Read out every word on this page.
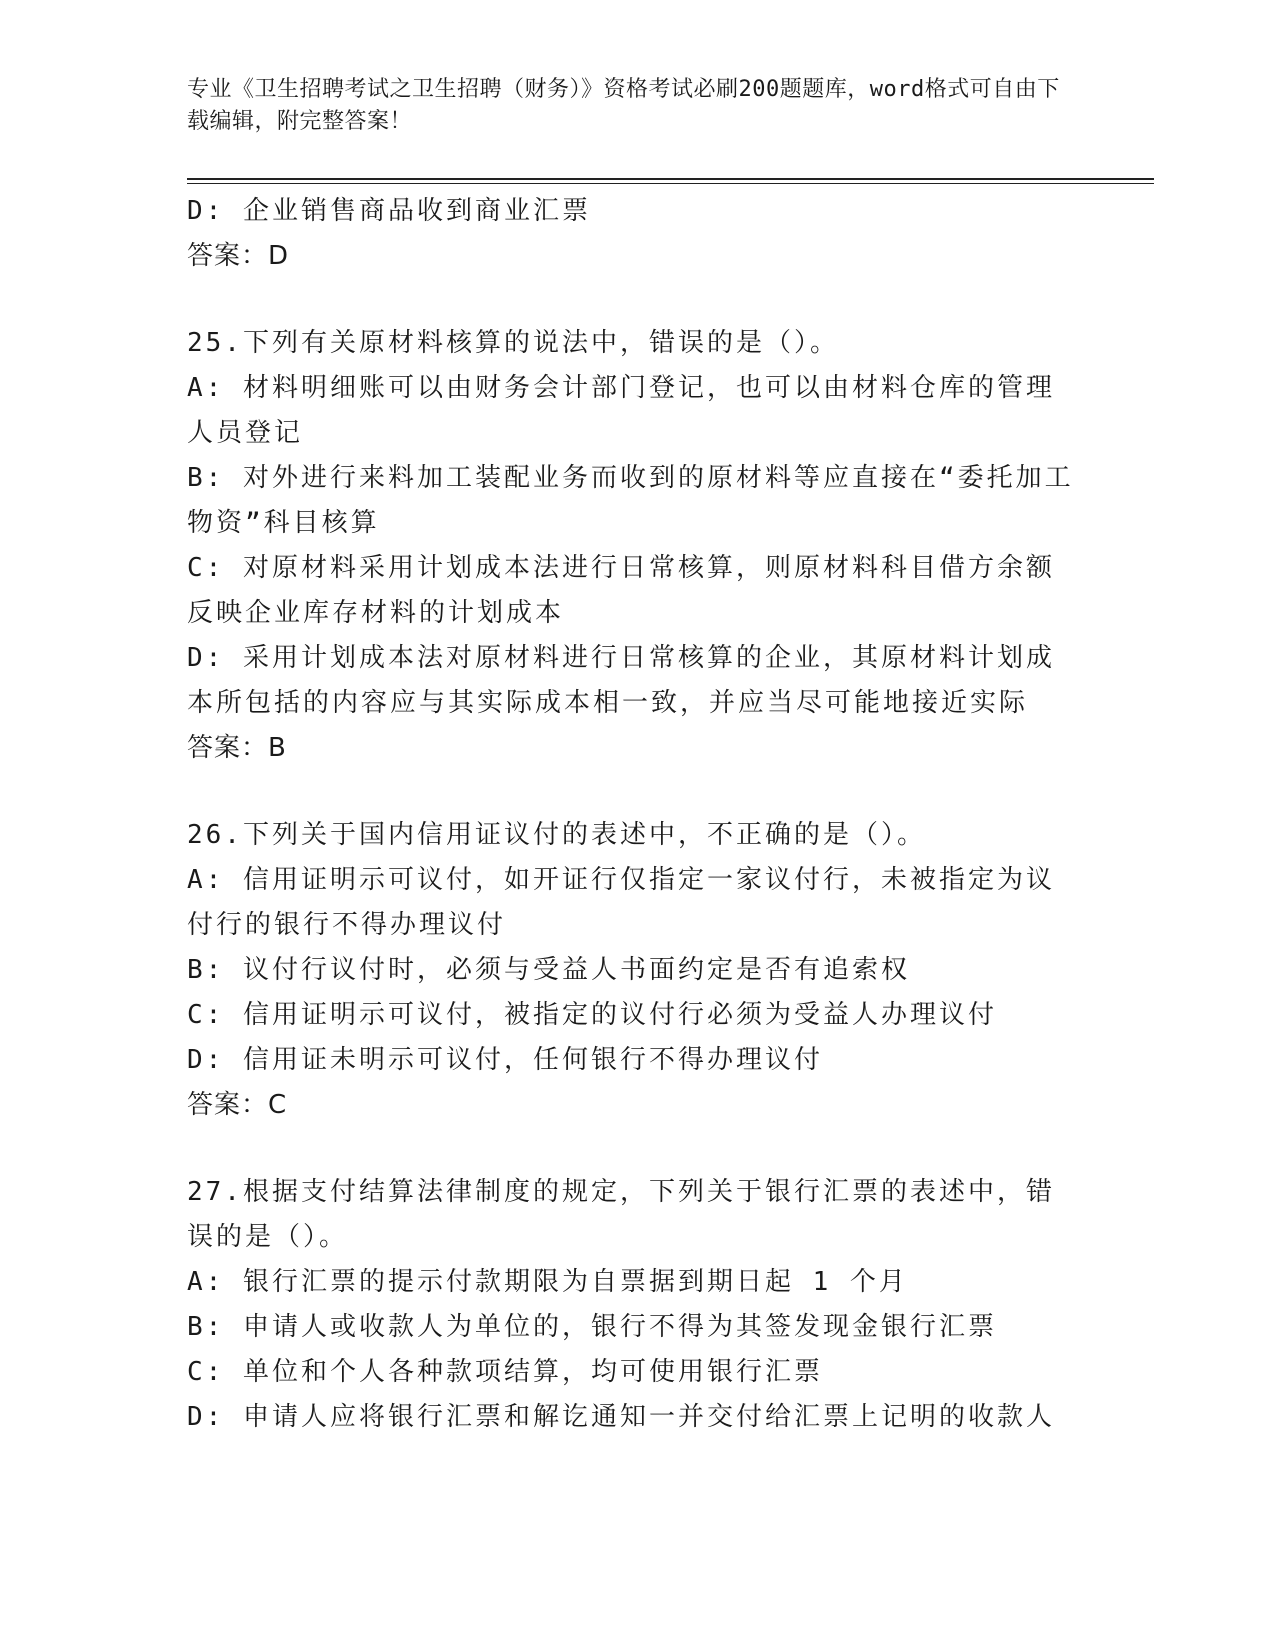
专业《卫生招聘考试之卫生招聘（财务）》资格考试必刷200题题库，word格式可自由下载编辑，附完整答案！

D: 企业销售商品收到商业汇票

答案：D

25.下列有关原材料核算的说法中，错误的是（）。

A: 材料明细账可以由财务会计部门登记，也可以由材料仓库的管理人员登记

B: 对外进行来料加工装配业务而收到的原材料等应直接在“委托加工物资”科目核算

C: 对原材料采用计划成本法进行日常核算，则原材料科目借方余额反映企业库存材料的计划成本

D: 采用计划成本法对原材料进行日常核算的企业，其原材料计划成本所包括的内容应与其实际成本相一致，并应当尽可能地接近实际

答案：B

26.下列关于国内信用证议付的表述中，不正确的是（）。

A: 信用证明示可议付，如开证行仅指定一家议付行，未被指定为议付行的银行不得办理议付

B: 议付行议付时，必须与受益人书面约定是否有追索权

C: 信用证明示可议付，被指定的议付行必须为受益人办理议付

D: 信用证未明示可议付，任何银行不得办理议付

答案：C

27.根据支付结算法律制度的规定，下列关于银行汇票的表述中，错误的是（）。

A: 银行汇票的提示付款期限为自票据到期日起 1 个月

B: 申请人或收款人为单位的，银行不得为其签发现金银行汇票

C: 单位和个人各种款项结算，均可使用银行汇票

D: 申请人应将银行汇票和解讫通知一并交付给汇票上记明的收款人
